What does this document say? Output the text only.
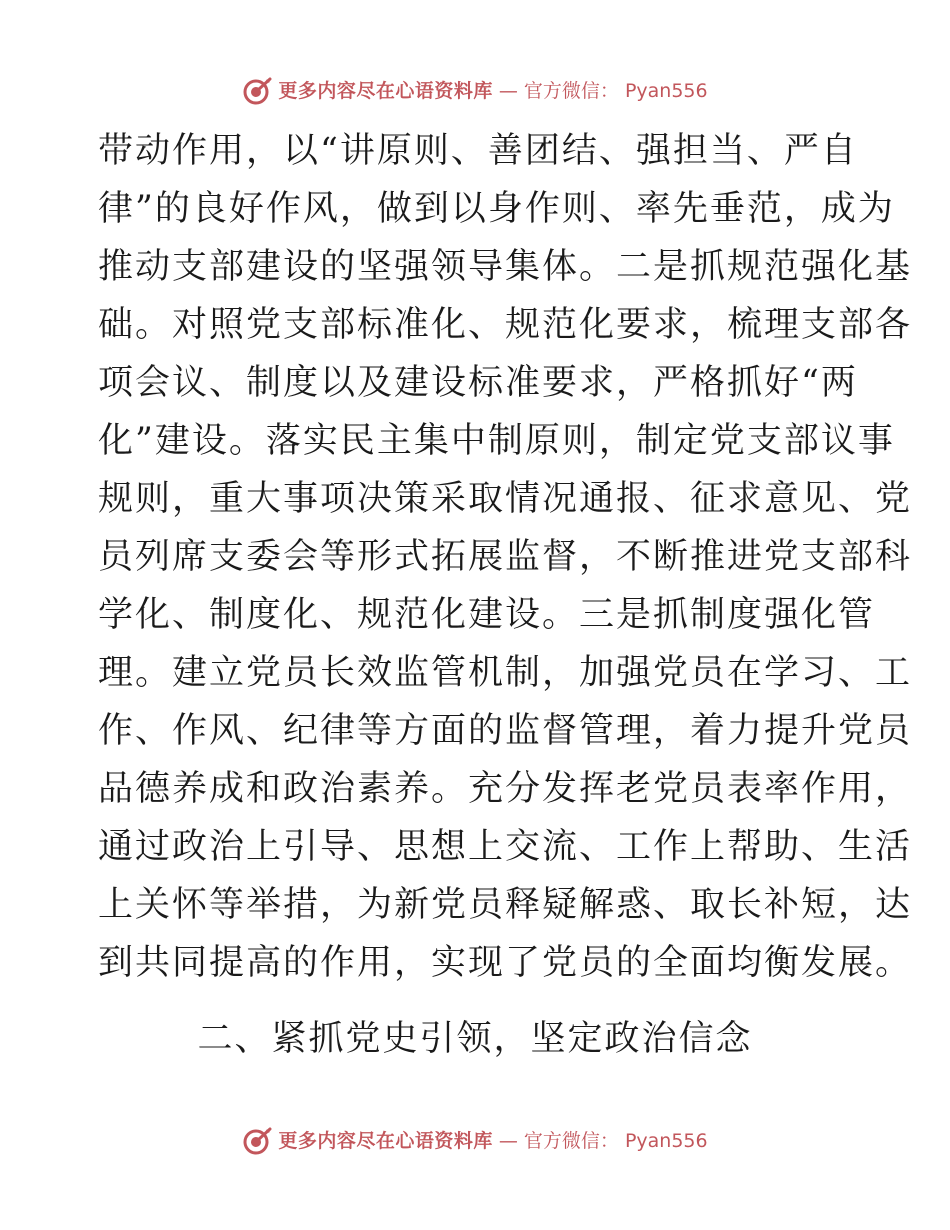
更多内容尽在心语资料库 — 官方微信： Pyan556
带动作用，以“讲原则、善团结、强担当、严自
律”的良好作风，做到以身作则、率先垂范，成为
推动支部建设的坚强领导集体。二是抓规范强化基
础。对照党支部标准化、规范化要求，梳理支部各
项会议、制度以及建设标准要求，严格抓好“两
化”建设。落实民主集中制原则，制定党支部议事
规则，重大事项决策采取情况通报、征求意见、党
员列席支委会等形式拓展监督，不断推进党支部科
学化、制度化、规范化建设。三是抓制度强化管
理。建立党员长效监管机制，加强党员在学习、工
作、作风、纪律等方面的监督管理，着力提升党员
品德养成和政治素养。充分发挥老党员表率作用，
通过政治上引导、思想上交流、工作上帮助、生活
上关怀等举措，为新党员释疑解惑、取长补短，达
到共同提高的作用，实现了党员的全面均衡发展。
二、紧抓党史引领，坚定政治信念
更多内容尽在心语资料库 — 官方微信： Pyan556
